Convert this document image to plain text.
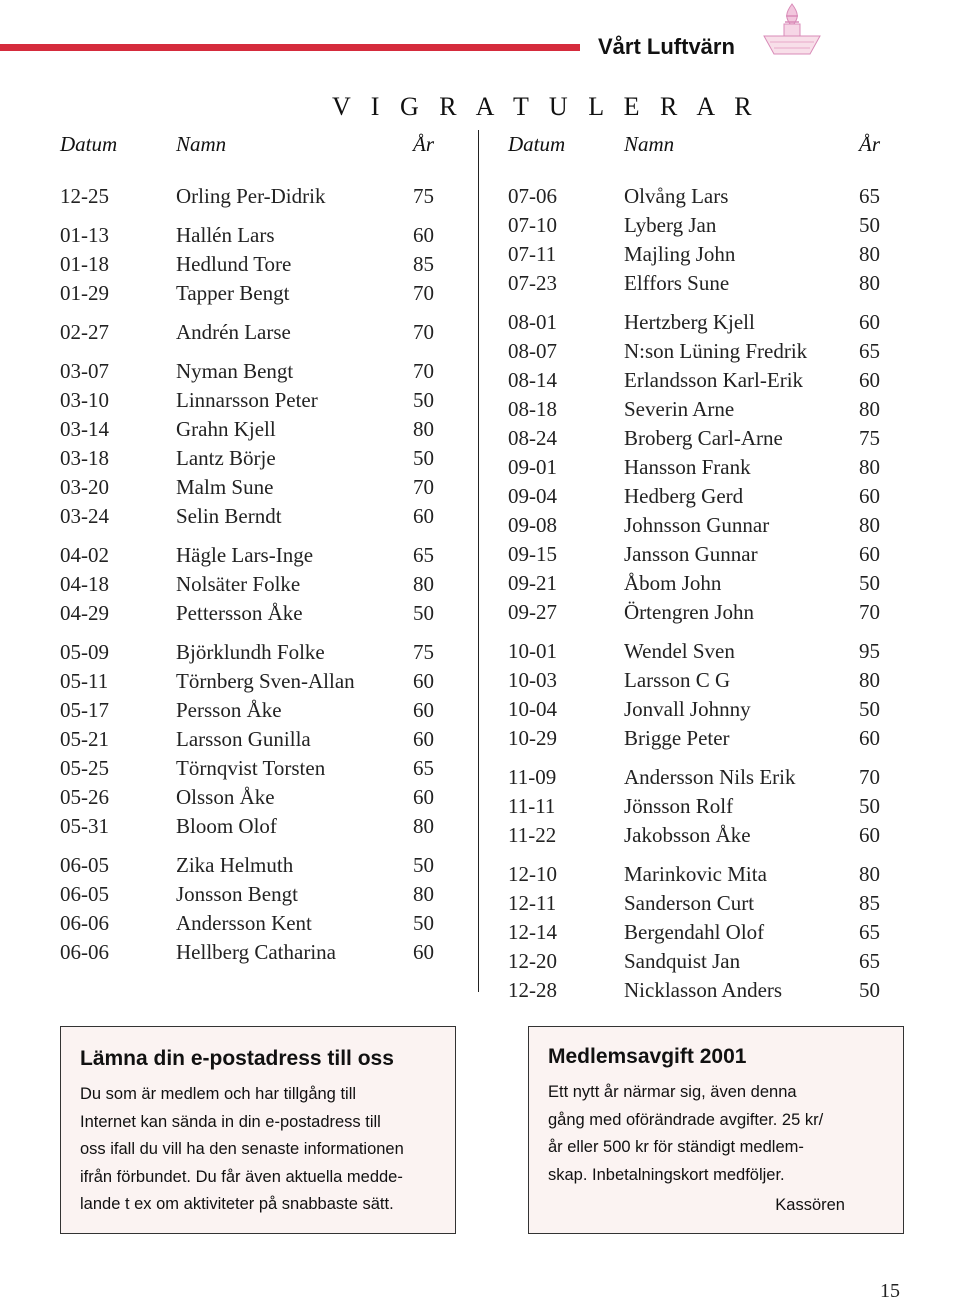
Vårt Luftvärn
V I G R A T U L E R A R
Datum	Namn	År
12-25	Orling Per-Didrik	75
01-13	Hallén Lars	60
01-18	Hedlund Tore	85
01-29	Tapper Bengt	70
02-27	Andrén Larse	70
03-07	Nyman Bengt	70
03-10	Linnarsson Peter	50
03-14	Grahn Kjell	80
03-18	Lantz Börje	50
03-20	Malm Sune	70
03-24	Selin Berndt	60
04-02	Hägle Lars-Inge	65
04-18	Nolsäter Folke	80
04-29	Pettersson Åke	50
05-09	Björklundh Folke	75
05-11	Törnberg Sven-Allan	60
05-17	Persson Åke	60
05-21	Larsson Gunilla	60
05-25	Törnqvist Torsten	65
05-26	Olsson Åke	60
05-31	Bloom Olof	80
06-05	Zika Helmuth	50
06-05	Jonsson Bengt	80
06-06	Andersson Kent	50
06-06	Hellberg Catharina	60
Datum	Namn	År
07-06	Olvång Lars	65
07-10	Lyberg Jan	50
07-11	Majling John	80
07-23	Elffors Sune	80
08-01	Hertzberg Kjell	60
08-07	N:son Lüning Fredrik 65
08-14	Erlandsson Karl-Erik	60
08-18	Severin Arne	80
08-24	Broberg Carl-Arne	75
09-01	Hansson Frank	80
09-04	Hedberg Gerd	60
09-08	Johnsson Gunnar	80
09-15	Jansson Gunnar	60
09-21	Åbom John	50
09-27	Örtengren John	70
10-01	Wendel Sven	95
10-03	Larsson C G	80
10-04	Jonvall Johnny	50
10-29	Brigge Peter	60
11-09	Andersson Nils Erik	70
11-11	Jönsson Rolf	50
11-22	Jakobsson Åke	60
12-10	Marinkovic Mita	80
12-11	Sanderson Curt	85
12-14	Bergendahl Olof	65
12-20	Sandquist Jan	65
12-28	Nicklasson Anders	50
Lämna din e-postadress till oss
Du som är medlem och har tillgång till
Internet kan sända in din e-postadress till
oss ifall du vill ha den senaste informationen
ifrån förbundet. Du får även aktuella medde-
lande t ex om aktiviteter på snabbaste sätt.
Medlemsavgift 2001
Ett nytt år närmar sig, även denna
gång med oförändrade avgifter. 25 kr/
år eller 500 kr för ständigt medlem-
skap. Inbetalningskort medföljer.
Kassören
15
